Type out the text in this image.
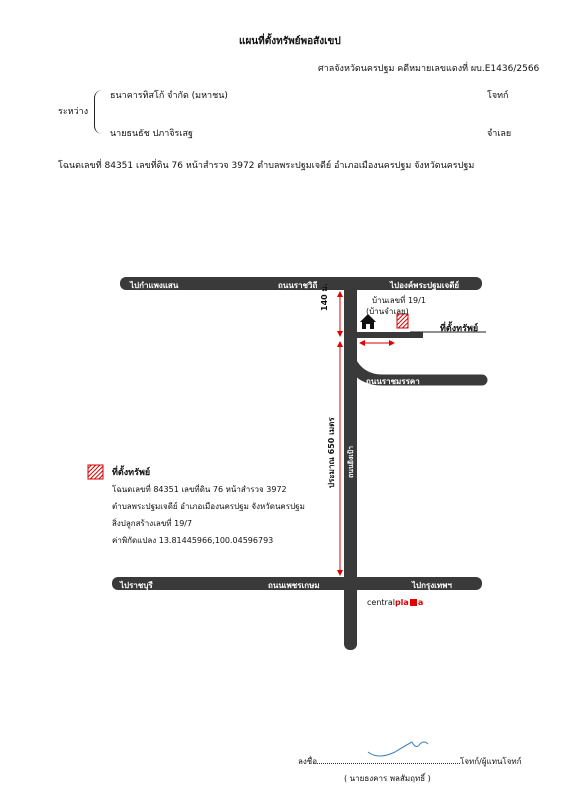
แผนที่ตั้งทรัพย์พอสังเขป
ศาลจังหวัดนครปฐม คดีหมายเลขแดงที่ ผบ.E1436/2566
ระหว่าง
ธนาคารทิสโก้ จำกัด (มหาชน)	โจทก์
นายธนธัช ปภาจิรเสฐ	จำเลย
โฉนดเลขที่ 84351 เลขที่ดิน 76 หน้าสำรวจ 3972 ตำบลพระปฐมเจดีย์ อำเภอเมืองนครปฐม จังหวัดนครปฐม
ไปกำแพงแสน	ถนนราชวิถี	ไปองค์พระปฐมเจดีย์
140 ม.	บ้านเลขที่ 19/1
(บ้านจำเลย)
ที่ตั้งทรัพย์
ถนนราชมรรคา
ประมาณ 650 เมตร ถนนยิงเป้า
ไปราชบุรี	ถนนเพชรเกษม	ไปกรุงเทพฯ
centralpla a
ที่ตั้งทรัพย์
โฉนดเลขที่ 84351 เลขที่ดิน 76 หน้าสำรวจ 3972
ตำบลพระปฐมเจดีย์ อำเภอเมืองนครปฐม จังหวัดนครปฐม
สิ่งปลูกสร้างเลขที่ 19/7
ค่าพิกัดแปลง 13.81445966,100.04596793
ลงชื่อ	โจทก์/ผู้แทนโจทก์
( นายธงคาร พลสัมฤทธิ์ )
